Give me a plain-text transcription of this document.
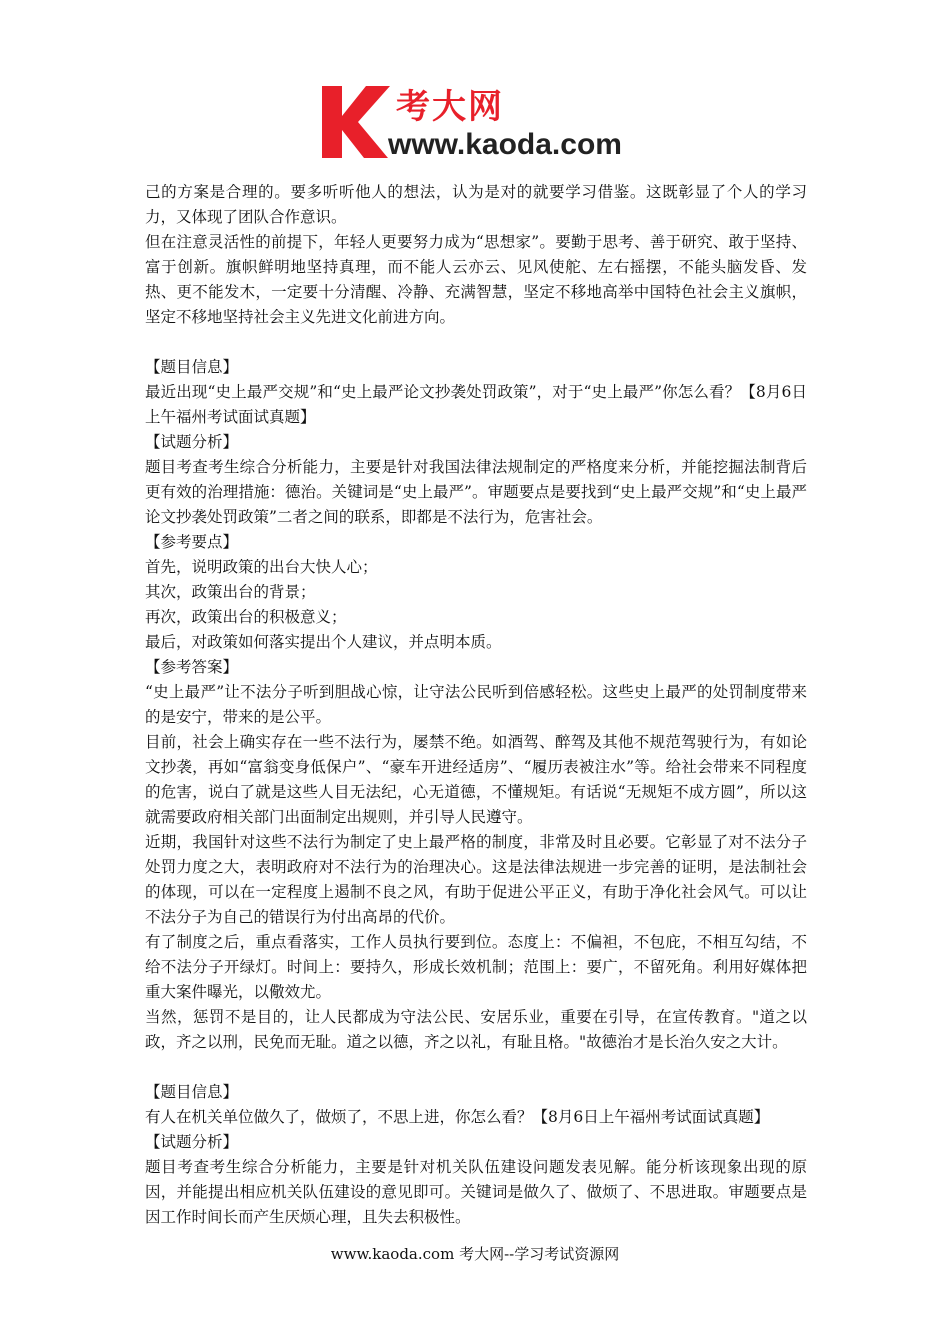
考大网
www.kaoda.com

己的方案是合理的。要多听听他人的想法，认为是对的就要学习借鉴。这既彰显了个人的学习力，又体现了团队合作意识。

但在注意灵活性的前提下，年轻人更要努力成为“思想家”。要勤于思考、善于研究、敢于坚持、富于创新。旗帜鲜明地坚持真理，而不能人云亦云、见风使舵、左右摇摆，不能头脑发昏、发热、更不能发木，一定要十分清醒、冷静、充满智慧，坚定不移地高举中国特色社会主义旗帜，坚定不移地坚持社会主义先进文化前进方向。

【题目信息】

最近出现“史上最严交规”和“史上最严论文抄袭处罚政策”，对于“史上最严”你怎么看？【8月6日上午福州考试面试真题】

【试题分析】

题目考查考生综合分析能力，主要是针对我国法律法规制定的严格度来分析，并能挖掘法制背后更有效的治理措施：德治。关键词是“史上最严”。审题要点是要找到“史上最严交规”和“史上最严论文抄袭处罚政策”二者之间的联系，即都是不法行为，危害社会。

【参考要点】

首先，说明政策的出台大快人心；

其次，政策出台的背景；

再次，政策出台的积极意义；

最后，对政策如何落实提出个人建议，并点明本质。

【参考答案】

“史上最严”让不法分子听到胆战心惊，让守法公民听到倍感轻松。这些史上最严的处罚制度带来的是安宁，带来的是公平。

目前，社会上确实存在一些不法行为，屡禁不绝。如酒驾、醉驾及其他不规范驾驶行为，有如论文抄袭，再如“富翁变身低保户”、“豪车开进经适房”、“履历表被注水”等。给社会带来不同程度的危害，说白了就是这些人目无法纪，心无道德，不懂规矩。有话说“无规矩不成方圆”，所以这就需要政府相关部门出面制定出规则，并引导人民遵守。

近期，我国针对这些不法行为制定了史上最严格的制度，非常及时且必要。它彰显了对不法分子处罚力度之大，表明政府对不法行为的治理决心。这是法律法规进一步完善的证明，是法制社会的体现，可以在一定程度上遏制不良之风，有助于促进公平正义，有助于净化社会风气。可以让不法分子为自己的错误行为付出高昂的代价。

有了制度之后，重点看落实，工作人员执行要到位。态度上：不偏袒，不包庇，不相互勾结，不给不法分子开绿灯。时间上：要持久，形成长效机制；范围上：要广，不留死角。利用好媒体把重大案件曝光，以儆效尤。

当然，惩罚不是目的，让人民都成为守法公民、安居乐业，重要在引导，在宣传教育。"道之以政，齐之以刑，民免而无耻。道之以德，齐之以礼，有耻且格。"故德治才是长治久安之大计。

【题目信息】

有人在机关单位做久了，做烦了，不思上进，你怎么看？【8月6日上午福州考试面试真题】

【试题分析】

题目考查考生综合分析能力，主要是针对机关队伍建设问题发表见解。能分析该现象出现的原因，并能提出相应机关队伍建设的意见即可。关键词是做久了、做烦了、不思进取。审题要点是因工作时间长而产生厌烦心理，且失去积极性。

www.kaoda.com 考大网--学习考试资源网
